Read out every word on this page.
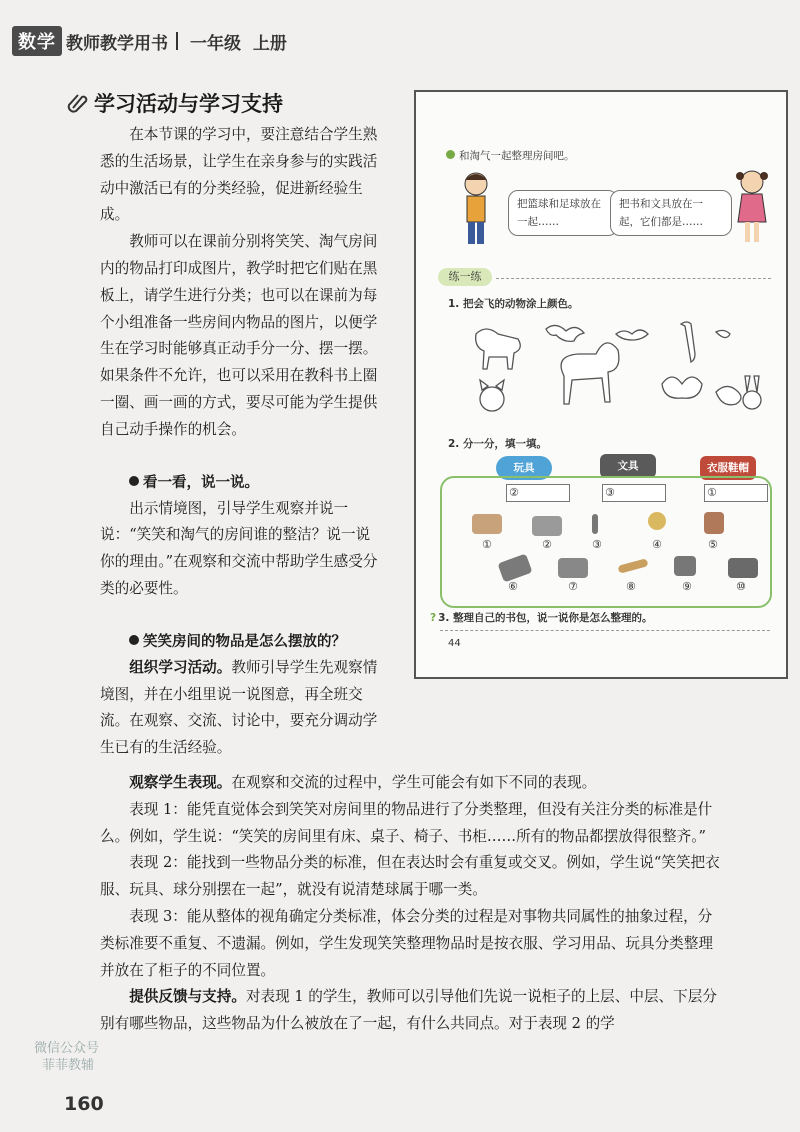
数学 教师教学用书 一年级  上册
学习活动与学习支持

在本节课的学习中，要注意结合学生熟悉的生活场景，让学生在亲身参与的实践活动中激活已有的分类经验，促进新经验生成。

教师可以在课前分别将笑笑、淘气房间内的物品打印成图片，教学时把它们贴在黑板上，请学生进行分类；也可以在课前为每个小组准备一些房间内物品的图片，以便学生在学习时能够真正动手分一分、摆一摆。如果条件不允许，也可以采用在教科书上圈一圈、画一画的方式，要尽可能为学生提供自己动手操作的机会。

看一看，说一说。

出示情境图，引导学生观察并说一说：“笑笑和淘气的房间谁的整洁？说一说你的理由。”在观察和交流中帮助学生感受分类的必要性。

笑笑房间的物品是怎么摆放的？

组织学习活动。教师引导学生先观察情境图，并在小组里说一说图意，再全班交流。在观察、交流、讨论中，要充分调动学生已有的生活经验。

观察学生表现。在观察和交流的过程中，学生可能会有如下不同的表现。

表现 1：能凭直觉体会到笑笑对房间里的物品进行了分类整理，但没有关注分类的标准是什么。例如，学生说：“笑笑的房间里有床、桌子、椅子、书柜……所有的物品都摆放得很整齐。”

表现 2：能找到一些物品分类的标准，但在表达时会有重复或交叉。例如，学生说“笑笑把衣服、玩具、球分别摆在一起”，就没有说清楚球属于哪一类。

表现 3：能从整体的视角确定分类标准，体会分类的过程是对事物共同属性的抽象过程，分类标准要不重复、不遗漏。例如，学生发现笑笑整理物品时是按衣服、学习用品、玩具分类整理并放在了柜子的不同位置。

提供反馈与支持。对表现 1 的学生，教师可以引导他们先说一说柜子的上层、中层、下层分别有哪些物品，这些物品为什么被放在了一起，有什么共同点。对于表现 2 的学

微信公众号
菲菲教辅
160
和淘气一起整理房间吧。
把篮球和足球放在一起……
把书和文具放在一起，它们都是……
练一练
1. 把会飞的动物涂上颜色。
2. 分一分，填一填。
玩具	文具	衣服鞋帽
②	③	①
①	②	③	④	⑤
⑥	⑦	⑧	⑨	⑩
? 3. 整理自己的书包，说一说你是怎么整理的。
44
